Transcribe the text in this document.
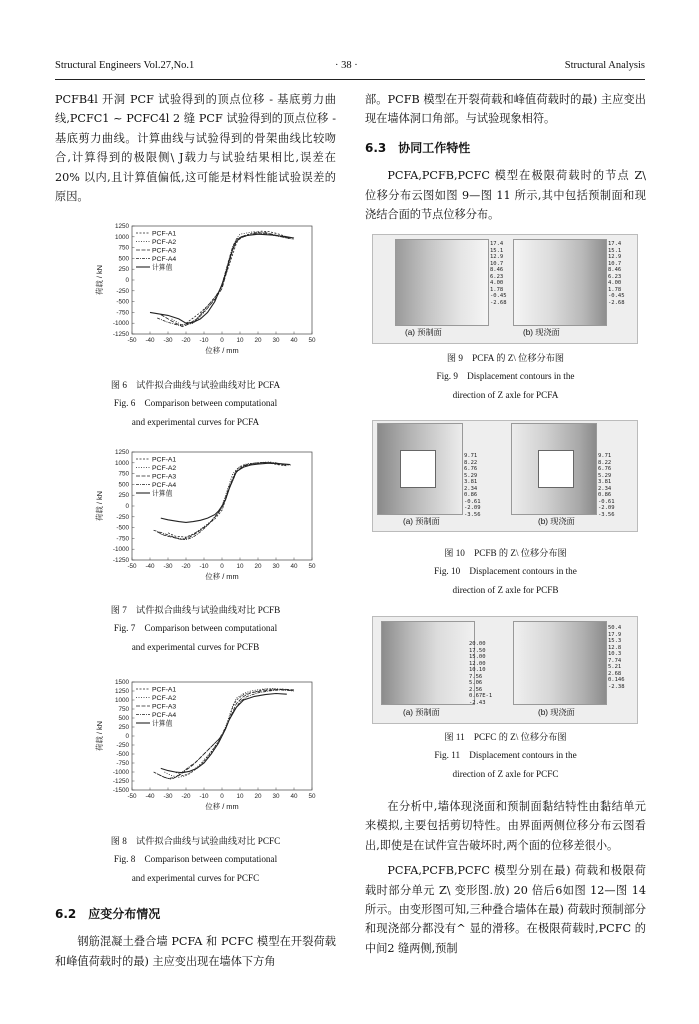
Structural Engineers Vol.27,No.1	· 38 ·	Structural Analysis

PCFB4l 开洞 PCF 试验得到的顶点位移 - 基底剪力曲线,PCFC1 ~ PCFC4l 2 缝 PCF 试验得到的顶点位移 - 基底剪力曲线。计算曲线与试验得到的骨架曲线比较吻合,计算得到的极限侧\ J载力与试验结果相比,误差在 20% 以内,且计算值偏低,这可能是材料性能试验误差的原因。

-50 -40 -30 -20 -10 0 10 20 30 40 50
-1250
-1000
-750
-500
-250
0
250
500
750
1000
1250
位移 / mm
荷载 / kN
PCF-A1
PCF-A2
PCF-A3
PCF-A4
计算值
图 6　试件拟合曲线与试验曲线对比 PCFA
Fig. 6　Comparison between computational
and experimental curves for PCFA
-50 -40 -30 -20 -10 0 10 20 30 40 50
-1250
-1000
-750
-500
-250
0
250
500
750
1000
1250
位移 / mm
荷载 / kN
PCF-A1
PCF-A2
PCF-A3
PCF-A4
计算值
图 7　试件拟合曲线与试验曲线对比 PCFB
Fig. 7　Comparison between computational
and experimental curves for PCFB
-50 -40 -30 -20 -10 0 10 20 30 40 50
-1500
-1250
-1000
-750
-500
-250
0
250
500
750
1000
1250
1500
位移 / mm
荷载 / kN
PCF-A1
PCF-A2
PCF-A3
PCF-A4
计算值
图 8　试件拟合曲线与试验曲线对比 PCFC
Fig. 8　Comparison between computational
and experimental curves for PCFC
6.2　应变分布情况

钢筋混凝土叠合墙 PCFA 和 PCFC 模型在开裂荷载和峰值荷载时的最) 主应变出现在墙体下方角

部。PCFB 模型在开裂荷载和峰值荷载时的最) 主应变出现在墙体洞口角部。与试验现象相符。

6.3　协同工作特性

PCFA,PCFB,PCFC 模型在极限荷载时的节点 Z\ 位移分布云图如图 9—图 11 所示,其中包括预制面和现浇结合面的节点位移分布。

17.4
15.1
12.9
10.7
8.46
6.23
4.00
1.78
-0.45
-2.68
17.4
15.1
12.9
10.7
8.46
6.23
4.00
1.78
-0.45
-2.68
(a) 预制面	(b) 现浇面
图 9　PCFA 的 Z\ 位移分布图
Fig. 9　Displacement contours in the
direction of Z axle for PCFA
9.71
8.22
6.76
5.29
3.81
2.34
0.86
-0.61
-2.09
-3.56
9.71
8.22
6.76
5.29
3.81
2.34
0.86
-0.61
-2.09
-3.56
(a) 预制面	(b) 现浇面
图 10　PCFB 的 Z\ 位移分布图
Fig. 10　Displacement contours in the
direction of Z axle for PCFB
20.00
17.50
15.00
12.00
10.10
7.56
5.06
2.56
0.67E-1
-2.43
50.4
17.9
15.3
12.8
10.3
7.74
5.21
2.68
0.146
-2.38
(a) 预制面	(b) 现浇面
图 11　PCFC 的 Z\ 位移分布图
Fig. 11　Displacement contours in the
direction of Z axle for PCFC

在分析中,墙体现浇面和预制面黏结特性由黏结单元来模拟,主要包括剪切特性。由界面两侧位移分布云图看出,即使是在试件宣告破坏时,两个面的位移差很小。

PCFA,PCFB,PCFC 模型分别在最) 荷载和极限荷载时部分单元 Z\ 变形图.放) 20 倍后6如图 12—图 14 所示。由变形图可知,三种叠合墙体在最) 荷载时预制部分和现浇部分都没有^ 显的滑移。在极限荷载时,PCFC 的中间2 缝两侧,预制
